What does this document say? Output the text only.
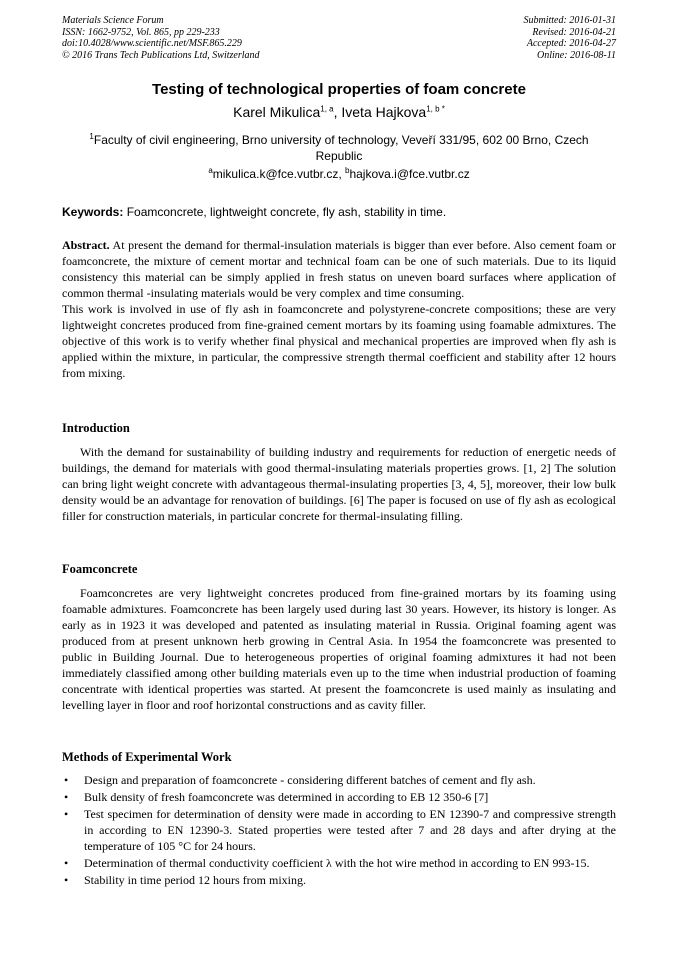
Materials Science Forum
ISSN: 1662-9752, Vol. 865, pp 229-233
doi:10.4028/www.scientific.net/MSF.865.229
© 2016 Trans Tech Publications Ltd, Switzerland
Submitted: 2016-01-31
Revised: 2016-04-21
Accepted: 2016-04-27
Online: 2016-08-11
Testing of technological properties of foam concrete
Karel Mikulica$^{1, a}$, Iveta Hajkova$^{1, b *}$
$^1$Faculty of civil engineering, Brno university of technology, Veveří 331/95, 602 00 Brno, Czech Republic
$^a$mikulica.k@fce.vutbr.cz, $^b$hajkova.i@fce.vutbr.cz
Keywords: Foamconcrete, lightweight concrete, fly ash, stability in time.
Abstract. At present the demand for thermal-insulation materials is bigger than ever before. Also cement foam or foamconcrete, the mixture of cement mortar and technical foam can be one of such materials. Due to its liquid consistency this material can be simply applied in fresh status on uneven board surfaces where application of common thermal -insulating materials would be very complex and time consuming.
This work is involved in use of fly ash in foamconcrete and polystyrene-concrete compositions; these are very lightweight concretes produced from fine-grained cement mortars by its foaming using foamable admixtures. The objective of this work is to verify whether final physical and mechanical properties are improved when fly ash is applied within the mixture, in particular, the compressive strength thermal coefficient and stability after 12 hours from mixing.
Introduction
With the demand for sustainability of building industry and requirements for reduction of energetic needs of buildings, the demand for materials with good thermal-insulating materials properties grows. [1, 2] The solution can bring light weight concrete with advantageous thermal-insulating properties [3, 4, 5], moreover, their low bulk density would be an advantage for renovation of buildings. [6] The paper is focused on use of fly ash as ecological filler for construction materials, in particular concrete for thermal-insulating filling.
Foamconcrete
Foamconcretes are very lightweight concretes produced from fine-grained mortars by its foaming using foamable admixtures. Foamconcrete has been largely used during last 30 years. However, its history is longer. As early as in 1923 it was developed and patented as insulating material in Russia. Original foaming agent was produced from at present unknown herb growing in Central Asia. In 1954 the foamconcrete was presented to public in Building Journal. Due to heterogeneous properties of original foaming admixtures it had not been immediately classified among other building materials even up to the time when industrial production of foaming concentrate with identical properties was started. At present the foamconcrete is used mainly as insulating and levelling layer in floor and roof horizontal constructions and as cavity filler.
Methods of Experimental Work
• Design and preparation of foamconcrete - considering different batches of cement and fly ash.
• Bulk density of fresh foamconcrete was determined in according to EB 12 350-6 [7]
• Test specimen for determination of density were made in according to EN 12390-7 and compressive strength in according to EN 12390-3. Stated properties were tested after 7 and 28 days and after drying at the temperature of 105 °C for 24 hours.
• Determination of thermal conductivity coefficient λ with the hot wire method in according to EN 993-15.
• Stability in time period 12 hours from mixing.
